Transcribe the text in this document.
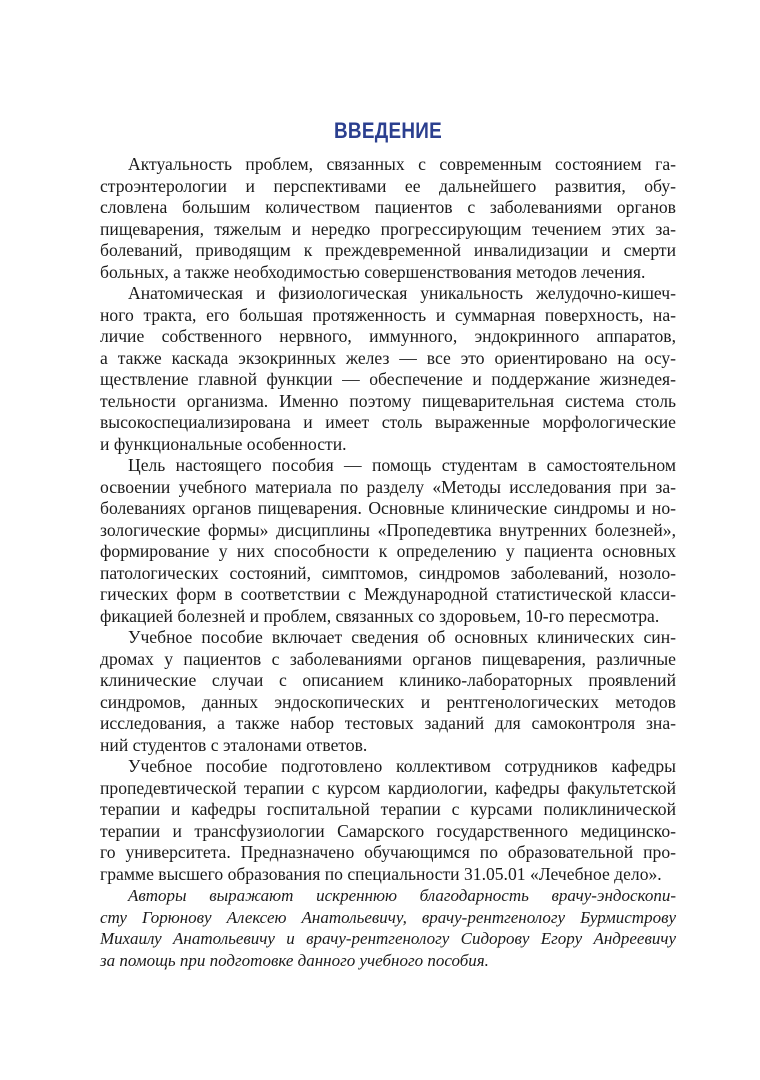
ВВЕДЕНИЕ
Актуальность проблем, связанных с современным состоянием га-
строэнтерологии и перспективами ее дальнейшего развития, обу-
словлена большим количеством пациентов с заболеваниями органов
пищеварения, тяжелым и нередко прогрессирующим течением этих за-
болеваний, приводящим к преждевременной инвалидизации и смерти
больных, а также необходимостью совершенствования методов лечения.
Анатомическая и физиологическая уникальность желудочно-кишеч-
ного тракта, его большая протяженность и суммарная поверхность, на-
личие собственного нервного, иммунного, эндокринного аппаратов,
а также каскада экзокринных желез — все это ориентировано на осу-
ществление главной функции — обеспечение и поддержание жизнедея-
тельности организма. Именно поэтому пищеварительная система столь
высокоспециализирована и имеет столь выраженные морфологические
и функциональные особенности.
Цель настоящего пособия — помощь студентам в самостоятельном
освоении учебного материала по разделу «Методы исследования при за-
болеваниях органов пищеварения. Основные клинические синдромы и но-
зологические формы» дисциплины «Пропедевтика внутренних болезней»,
формирование у них способности к определению у пациента основных
патологических состояний, симптомов, синдромов заболеваний, нозоло-
гических форм в соответствии с Международной статистической класси-
фикацией болезней и проблем, связанных со здоровьем, 10-го пересмотра.
Учебное пособие включает сведения об основных клинических син-
дромах у пациентов с заболеваниями органов пищеварения, различные
клинические случаи с описанием клинико-лабораторных проявлений
синдромов, данных эндоскопических и рентгенологических методов
исследования, а также набор тестовых заданий для самоконтроля зна-
ний студентов с эталонами ответов.
Учебное пособие подготовлено коллективом сотрудников кафедры
пропедевтической терапии с курсом кардиологии, кафедры факультетской
терапии и кафедры госпитальной терапии с курсами поликлинической
терапии и трансфузиологии Самарского государственного медицинско-
го университета. Предназначено обучающимся по образовательной про-
грамме высшего образования по специальности 31.05.01 «Лечебное дело».
Авторы выражают искреннюю благодарность врачу-эндоскопи-
сту Горюнову Алексею Анатольевичу, врачу-рентгенологу Бурмистрову
Михаилу Анатольевичу и врачу-рентгенологу Сидорову Егору Андреевичу
за помощь при подготовке данного учебного пособия.
